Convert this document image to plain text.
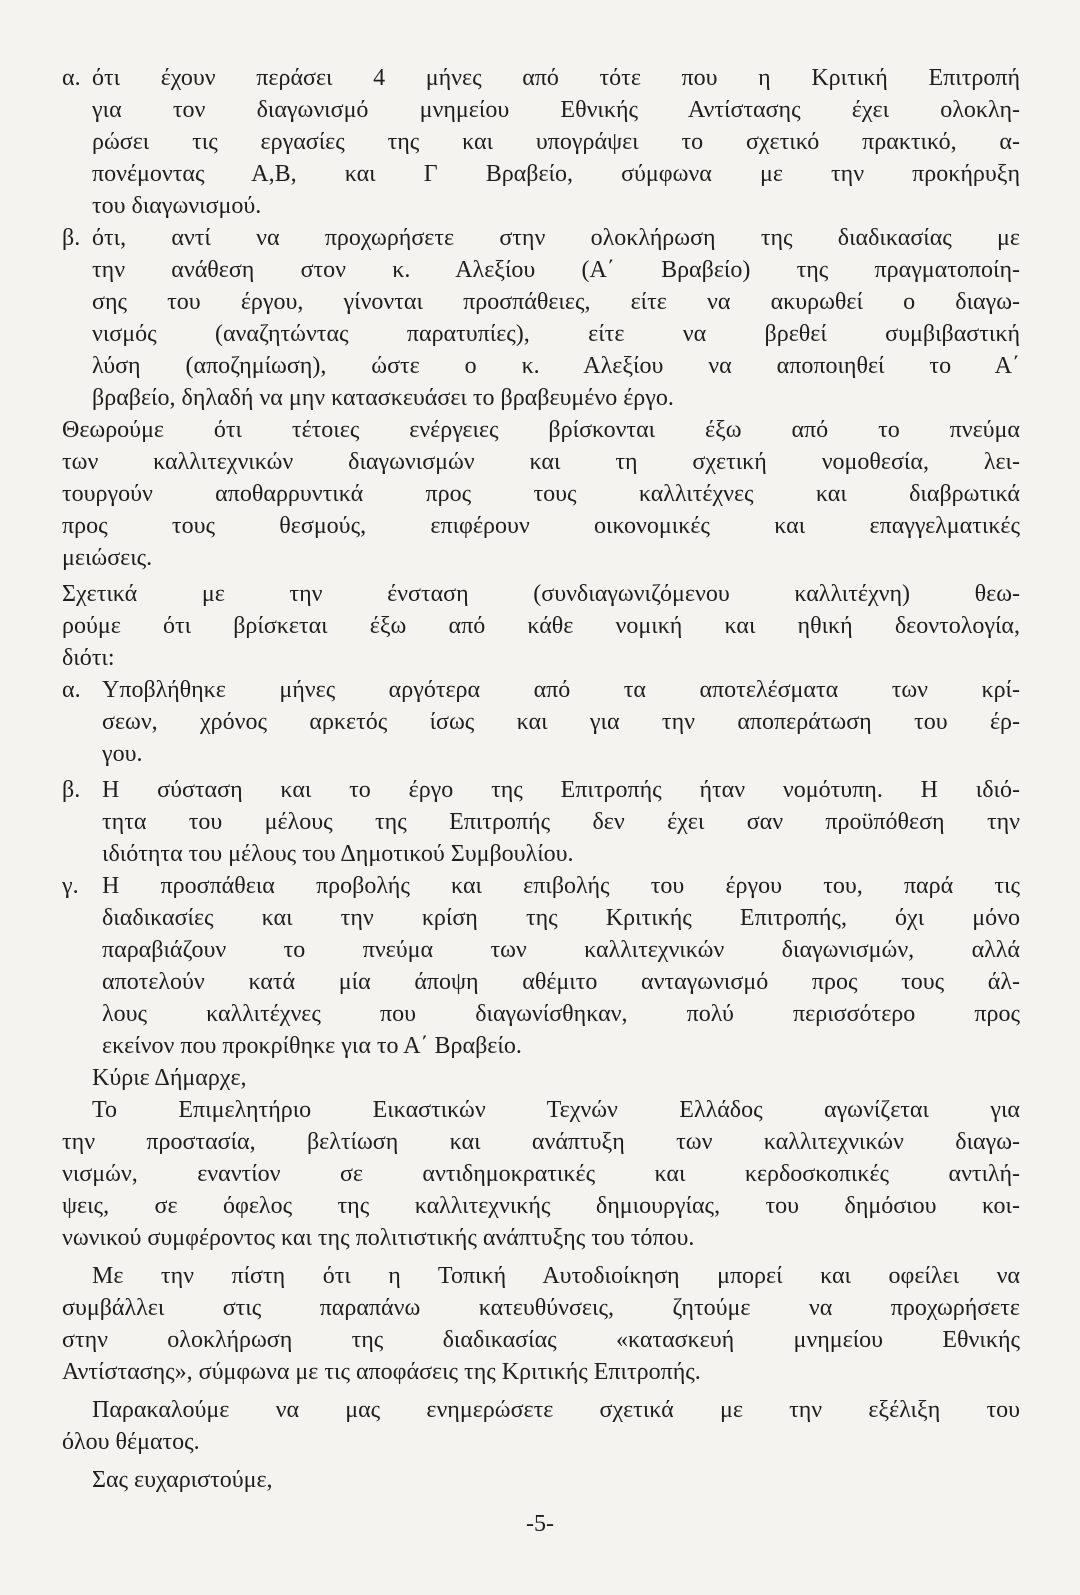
α. ότι έχουν περάσει 4 μήνες από τότε που η Κριτική Επιτροπή
για τον διαγωνισμό μνημείου Εθνικής Αντίστασης έχει ολοκλη-
ρώσει τις εργασίες της και υπογράψει το σχετικό πρακτικό, α-
πονέμοντας Α,Β, και Γ Βραβείο, σύμφωνα με την προκήρυξη
του διαγωνισμού.
β. ότι, αντί να προχωρήσετε στην ολοκλήρωση της διαδικασίας με
την ανάθεση στον κ. Αλεξίου (Α΄ Βραβείο) της πραγματοποίη-
σης του έργου, γίνονται προσπάθειες, είτε να ακυρωθεί ο διαγω-
νισμός (αναζητώντας παρατυπίες), είτε να βρεθεί συμβιβαστική
λύση (αποζημίωση), ώστε ο κ. Αλεξίου να αποποιηθεί το Α΄
βραβείο, δηλαδή να μην κατασκευάσει το βραβευμένο έργο.
Θεωρούμε ότι τέτοιες ενέργειες βρίσκονται έξω από το πνεύμα
των καλλιτεχνικών διαγωνισμών και τη σχετική νομοθεσία, λει-
τουργούν αποθαρρυντικά προς τους καλλιτέχνες και διαβρωτικά
προς τους θεσμούς, επιφέρουν οικονομικές και επαγγελματικές
μειώσεις.
Σχετικά με την ένσταση (συνδιαγωνιζόμενου καλλιτέχνη) θεω-
ρούμε ότι βρίσκεται έξω από κάθε νομική και ηθική δεοντολογία,
διότι:
α. Υποβλήθηκε μήνες αργότερα από τα αποτελέσματα των κρί-
σεων, χρόνος αρκετός ίσως και για την αποπεράτωση του έρ-
γου.
β. Η σύσταση και το έργο της Επιτροπής ήταν νομότυπη. Η ιδιό-
τητα του μέλους της Επιτροπής δεν έχει σαν προϋπόθεση την
ιδιότητα του μέλους του Δημοτικού Συμβουλίου.
γ. Η προσπάθεια προβολής και επιβολής του έργου του, παρά τις
διαδικασίες και την κρίση της Κριτικής Επιτροπής, όχι μόνο
παραβιάζουν το πνεύμα των καλλιτεχνικών διαγωνισμών, αλλά
αποτελούν κατά μία άποψη αθέμιτο ανταγωνισμό προς τους άλ-
λους καλλιτέχνες που διαγωνίσθηκαν, πολύ περισσότερο προς
εκείνον που προκρίθηκε για το Α΄ Βραβείο.
Κύριε Δήμαρχε,
Το Επιμελητήριο Εικαστικών Τεχνών Ελλάδος αγωνίζεται για
την προστασία, βελτίωση και ανάπτυξη των καλλιτεχνικών διαγω-
νισμών, εναντίον σε αντιδημοκρατικές και κερδοσκοπικές αντιλή-
ψεις, σε όφελος της καλλιτεχνικής δημιουργίας, του δημόσιου κοι-
νωνικού συμφέροντος και της πολιτιστικής ανάπτυξης του τόπου.
Με την πίστη ότι η Τοπική Αυτοδιοίκηση μπορεί και οφείλει να
συμβάλλει στις παραπάνω κατευθύνσεις, ζητούμε να προχωρήσετε
στην ολοκλήρωση της διαδικασίας «κατασκευή μνημείου Εθνικής
Αντίστασης», σύμφωνα με τις αποφάσεις της Κριτικής Επιτροπής.
Παρακαλούμε να μας ενημερώσετε σχετικά με την εξέλιξη του
όλου θέματος.
Σας ευχαριστούμε,
-5-
